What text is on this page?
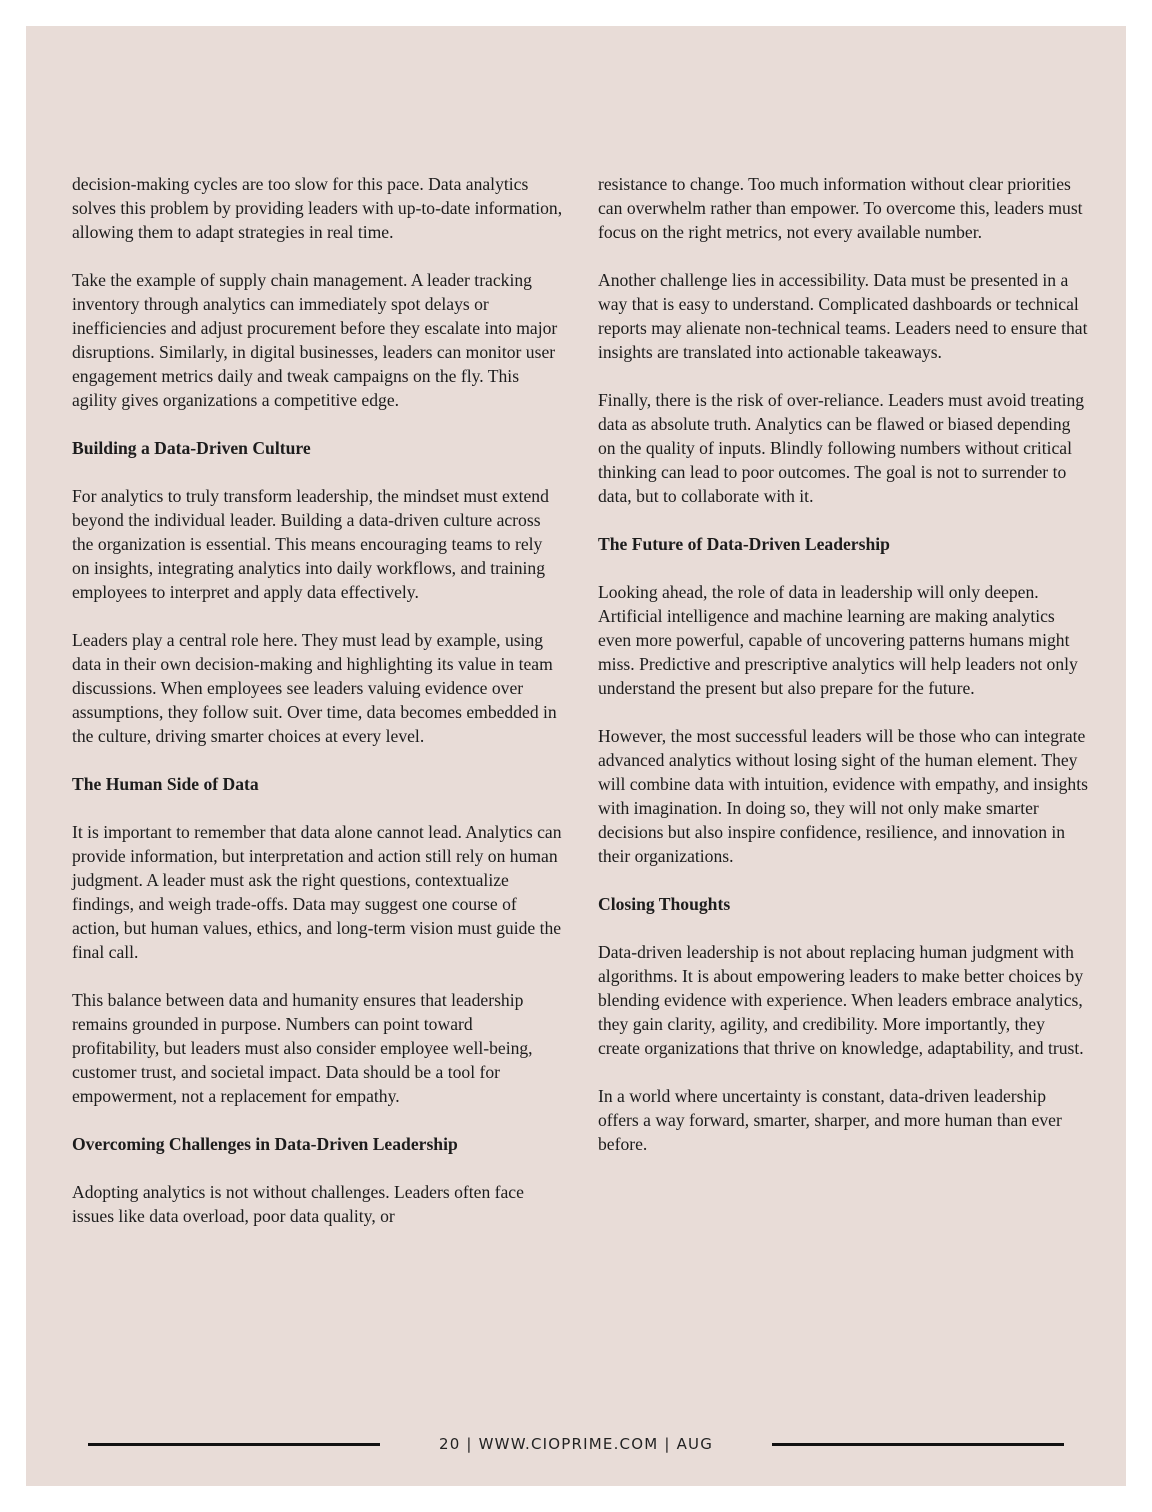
decision-making cycles are too slow for this pace. Data analytics solves this problem by providing leaders with up-to-date information, allowing them to adapt strategies in real time.

Take the example of supply chain management. A leader tracking inventory through analytics can immediately spot delays or inefficiencies and adjust procurement before they escalate into major disruptions. Similarly, in digital businesses, leaders can monitor user engagement metrics daily and tweak campaigns on the fly. This agility gives organizations a competitive edge.

Building a Data-Driven Culture

For analytics to truly transform leadership, the mindset must extend beyond the individual leader. Building a data-driven culture across the organization is essential. This means encouraging teams to rely on insights, integrating analytics into daily workflows, and training employees to interpret and apply data effectively.

Leaders play a central role here. They must lead by example, using data in their own decision-making and highlighting its value in team discussions. When employees see leaders valuing evidence over assumptions, they follow suit. Over time, data becomes embedded in the culture, driving smarter choices at every level.

The Human Side of Data

It is important to remember that data alone cannot lead. Analytics can provide information, but interpretation and action still rely on human judgment. A leader must ask the right questions, contextualize findings, and weigh trade-offs. Data may suggest one course of action, but human values, ethics, and long-term vision must guide the final call.

This balance between data and humanity ensures that leadership remains grounded in purpose. Numbers can point toward profitability, but leaders must also consider employee well-being, customer trust, and societal impact. Data should be a tool for empowerment, not a replacement for empathy.

Overcoming Challenges in Data-Driven Leadership

Adopting analytics is not without challenges. Leaders often face issues like data overload, poor data quality, or

resistance to change. Too much information without clear priorities can overwhelm rather than empower. To overcome this, leaders must focus on the right metrics, not every available number.

Another challenge lies in accessibility. Data must be presented in a way that is easy to understand. Complicated dashboards or technical reports may alienate non-technical teams. Leaders need to ensure that insights are translated into actionable takeaways.

Finally, there is the risk of over-reliance. Leaders must avoid treating data as absolute truth. Analytics can be flawed or biased depending on the quality of inputs. Blindly following numbers without critical thinking can lead to poor outcomes. The goal is not to surrender to data, but to collaborate with it.

The Future of Data-Driven Leadership

Looking ahead, the role of data in leadership will only deepen. Artificial intelligence and machine learning are making analytics even more powerful, capable of uncovering patterns humans might miss. Predictive and prescriptive analytics will help leaders not only understand the present but also prepare for the future.

However, the most successful leaders will be those who can integrate advanced analytics without losing sight of the human element. They will combine data with intuition, evidence with empathy, and insights with imagination. In doing so, they will not only make smarter decisions but also inspire confidence, resilience, and innovation in their organizations.

Closing Thoughts

Data-driven leadership is not about replacing human judgment with algorithms. It is about empowering leaders to make better choices by blending evidence with experience. When leaders embrace analytics, they gain clarity, agility, and credibility. More importantly, they create organizations that thrive on knowledge, adaptability, and trust.

In a world where uncertainty is constant, data-driven leadership offers a way forward, smarter, sharper, and more human than ever before.

20 | WWW.CIOPRIME.COM | AUG
